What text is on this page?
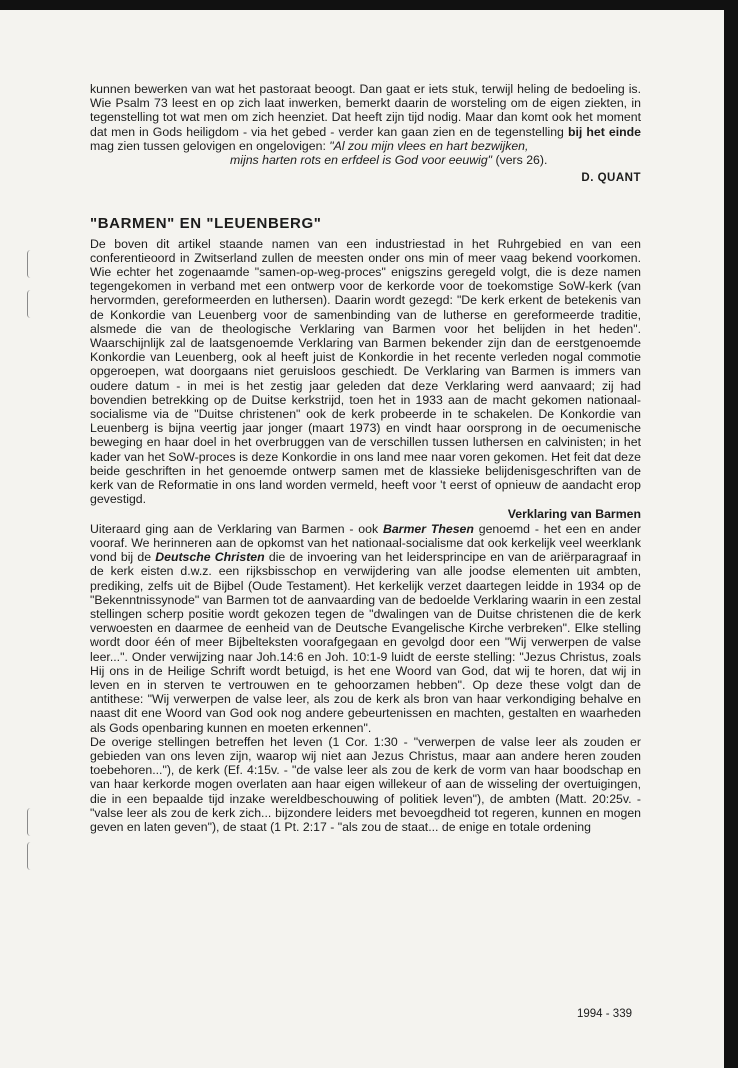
kunnen bewerken van wat het pastoraat beoogt. Dan gaat er iets stuk, terwijl heling de bedoeling is. Wie Psalm 73 leest en op zich laat inwerken, bemerkt daarin de worsteling om de eigen ziekten, in tegenstelling tot wat men om zich heenziet. Dat heeft zijn tijd nodig. Maar dan komt ook het moment dat men in Gods heiligdom - via het gebed - verder kan gaan zien en de tegenstelling bij het einde mag zien tussen gelovigen en ongelovigen: "Al zou mijn vlees en hart bezwijken,

mijns harten rots en erfdeel is God voor eeuwig" (vers 26).

D. QUANT

"BARMEN" EN "LEUENBERG"

De boven dit artikel staande namen van een industriestad in het Ruhrgebied en van een conferentieoord in Zwitserland zullen de meesten onder ons min of meer vaag bekend voorkomen. Wie echter het zogenaamde "samen-op-weg-proces" enigszins geregeld volgt, die is deze namen tegengekomen in verband met een ontwerp voor de kerkorde voor de toekomstige SoW-kerk (van hervormden, gereformeerden en luthersen). Daarin wordt gezegd: "De kerk erkent de betekenis van de Konkordie van Leuenberg voor de samenbinding van de lutherse en gereformeerde traditie, alsmede die van de theologische Verklaring van Barmen voor het belijden in het heden". Waarschijnlijk zal de laatsgenoemde Verklaring van Barmen bekender zijn dan de eerstgenoemde Konkordie van Leuenberg, ook al heeft juist de Konkordie in het recente verleden nogal commotie opgeroepen, wat doorgaans niet geruisloos geschiedt. De Verklaring van Barmen is immers van oudere datum - in mei is het zestig jaar geleden dat deze Verklaring werd aanvaard; zij had bovendien betrekking op de Duitse kerkstrijd, toen het in 1933 aan de macht gekomen nationaal-socialisme via de "Duitse christenen" ook de kerk probeerde in te schakelen. De Konkordie van Leuenberg is bijna veertig jaar jonger (maart 1973) en vindt haar oorsprong in de oecumenische beweging en haar doel in het overbruggen van de verschillen tussen luthersen en calvinisten; in het kader van het SoW-proces is deze Konkordie in ons land mee naar voren gekomen. Het feit dat deze beide geschriften in het genoemde ontwerp samen met de klassieke belijdenisgeschriften van de kerk van de Reformatie in ons land worden vermeld, heeft voor 't eerst of opnieuw de aandacht erop gevestigd.

Verklaring van Barmen

Uiteraard ging aan de Verklaring van Barmen - ook Barmer Thesen genoemd - het een en ander vooraf. We herinneren aan de opkomst van het nationaal-socialisme dat ook kerkelijk veel weerklank vond bij de Deutsche Christen die de invoering van het leidersprincipe en van de ariërparagraaf in de kerk eisten d.w.z. een rijksbisschop en verwijdering van alle joodse elementen uit ambten, prediking, zelfs uit de Bijbel (Oude Testament). Het kerkelijk verzet daartegen leidde in 1934 op de "Bekenntnissynode" van Barmen tot de aanvaarding van de bedoelde Verklaring waarin in een zestal stellingen scherp positie wordt gekozen tegen de "dwalingen van de Duitse christenen die de kerk verwoesten en daarmee de eenheid van de Deutsche Evangelische Kirche verbreken". Elke stelling wordt door één of meer Bijbelteksten voorafgegaan en gevolgd door een "Wij verwerpen de valse leer...". Onder verwijzing naar Joh.14:6 en Joh. 10:1-9 luidt de eerste stelling: "Jezus Christus, zoals Hij ons in de Heilige Schrift wordt betuigd, is het ene Woord van God, dat wij te horen, dat wij in leven en in sterven te vertrouwen en te gehoorzamen hebben". Op deze these volgt dan de antithese: "Wij verwerpen de valse leer, als zou de kerk als bron van haar verkondiging behalve en naast dit ene Woord van God ook nog andere gebeurtenissen en machten, gestalten en waarheden als Gods openbaring kunnen en moeten erkennen".

De overige stellingen betreffen het leven (1 Cor. 1:30 - "verwerpen de valse leer als zouden er gebieden van ons leven zijn, waarop wij niet aan Jezus Christus, maar aan andere heren zouden toebehoren..."), de kerk (Ef. 4:15v. - "de valse leer als zou de kerk de vorm van haar boodschap en van haar kerkorde mogen overlaten aan haar eigen willekeur of aan de wisseling der overtuigingen, die in een bepaalde tijd inzake wereldbeschouwing of politiek leven"), de ambten (Matt. 20:25v. - "valse leer als zou de kerk zich... bijzondere leiders met bevoegdheid tot regeren, kunnen en mogen geven en laten geven"), de staat (1 Pt. 2:17 - "als zou de staat... de enige en totale ordening

1994 - 339
